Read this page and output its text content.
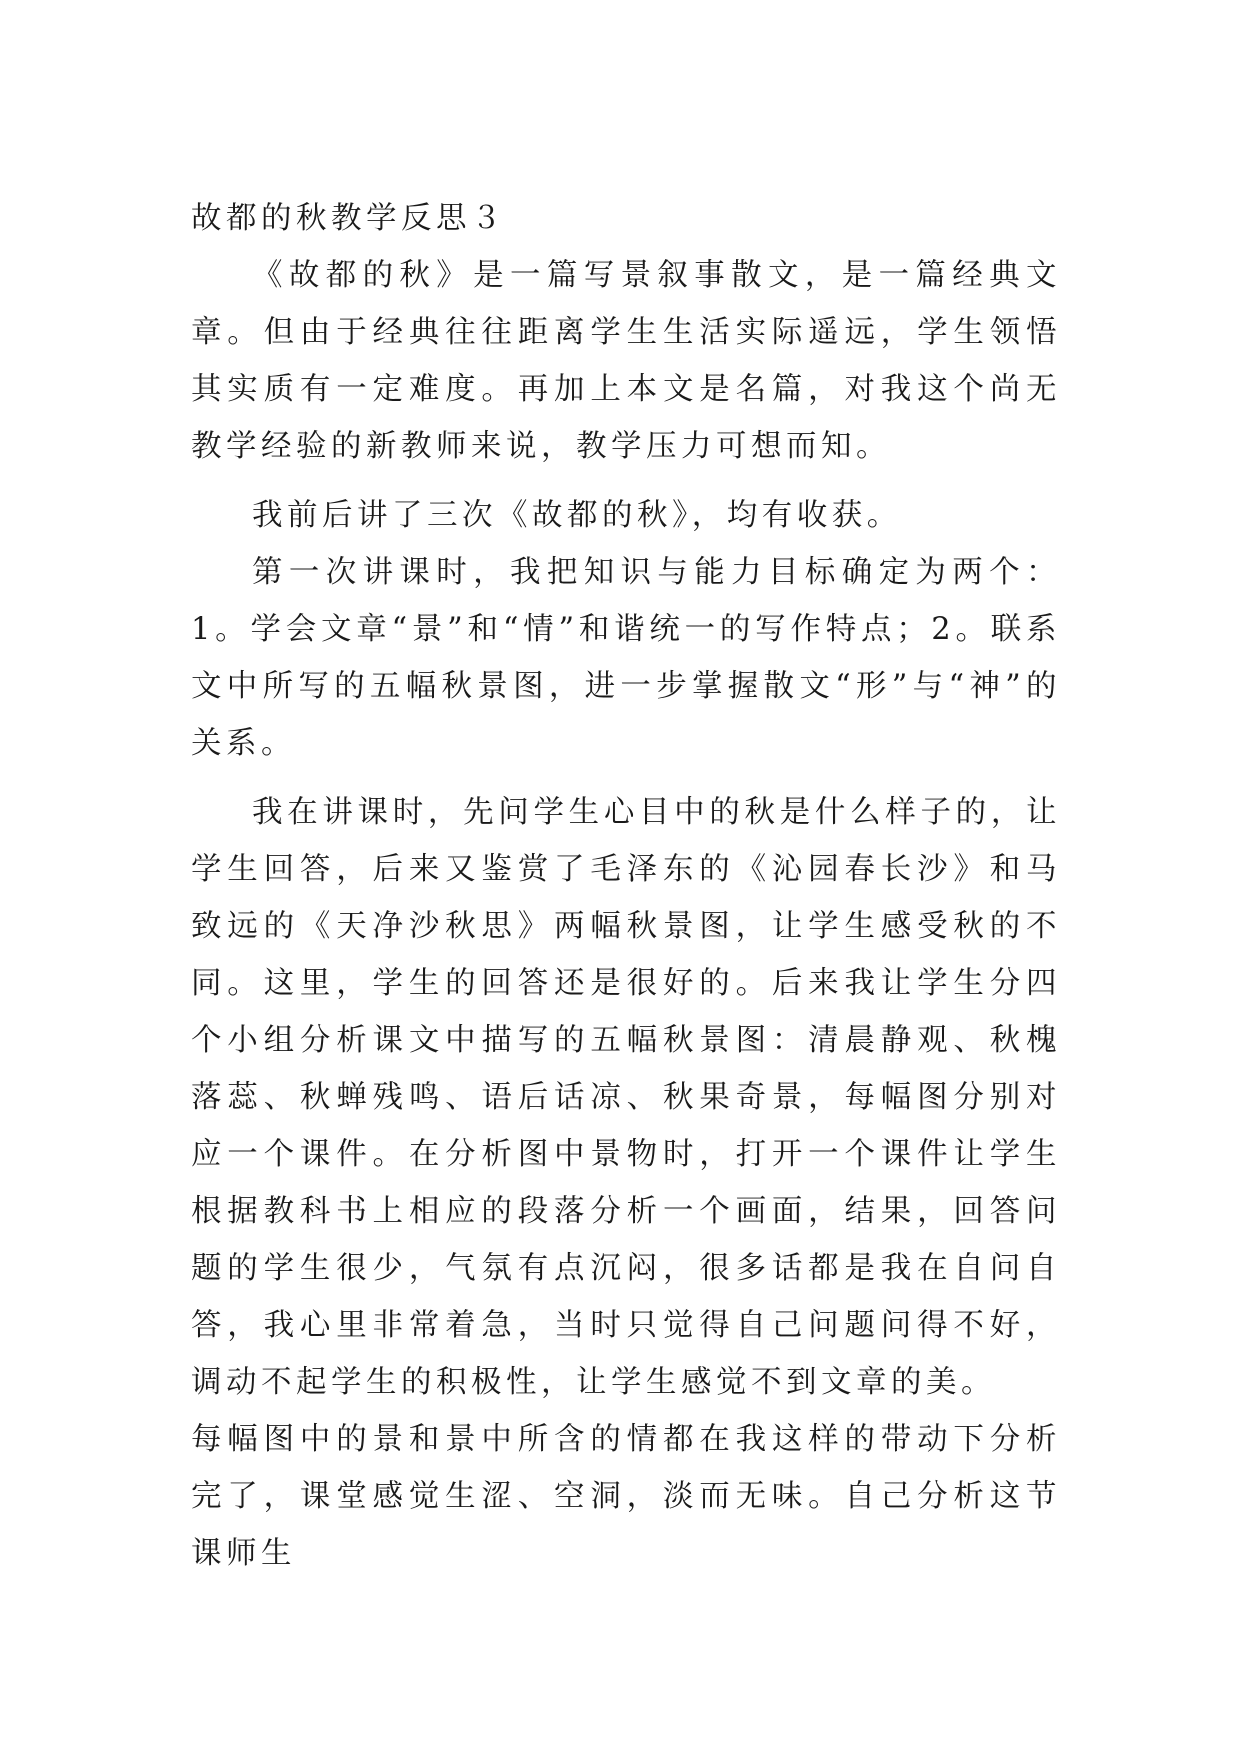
故都的秋教学反思３

《故都的秋》是一篇写景叙事散文，是一篇经典文章。但由于经典往往距离学生生活实际遥远，学生领悟其实质有一定难度。再加上本文是名篇，对我这个尚无教学经验的新教师来说，教学压力可想而知。

我前后讲了三次《故都的秋》，均有收获。

第一次讲课时，我把知识与能力目标确定为两个：1。学会文章“景”和“情”和谐统一的写作特点；2。联系文中所写的五幅秋景图，进一步掌握散文“形”与“神”的关系。

我在讲课时，先问学生心目中的秋是什么样子的，让学生回答，后来又鉴赏了毛泽东的《沁园春长沙》和马致远的《天净沙秋思》两幅秋景图，让学生感受秋的不同。这里，学生的回答还是很好的。后来我让学生分四个小组分析课文中描写的五幅秋景图：清晨静观、秋槐落蕊、秋蝉残鸣、语后话凉、秋果奇景，每幅图分别对应一个课件。在分析图中景物时，打开一个课件让学生根据教科书上相应的段落分析一个画面，结果，回答问题的学生很少，气氛有点沉闷，很多话都是我在自问自答，我心里非常着急，当时只觉得自己问题问得不好，调动不起学生的积极性，让学生感觉不到文章的美。

每幅图中的景和景中所含的情都在我这样的带动下分析完了，课堂感觉生涩、空洞，淡而无味。自己分析这节课师生
